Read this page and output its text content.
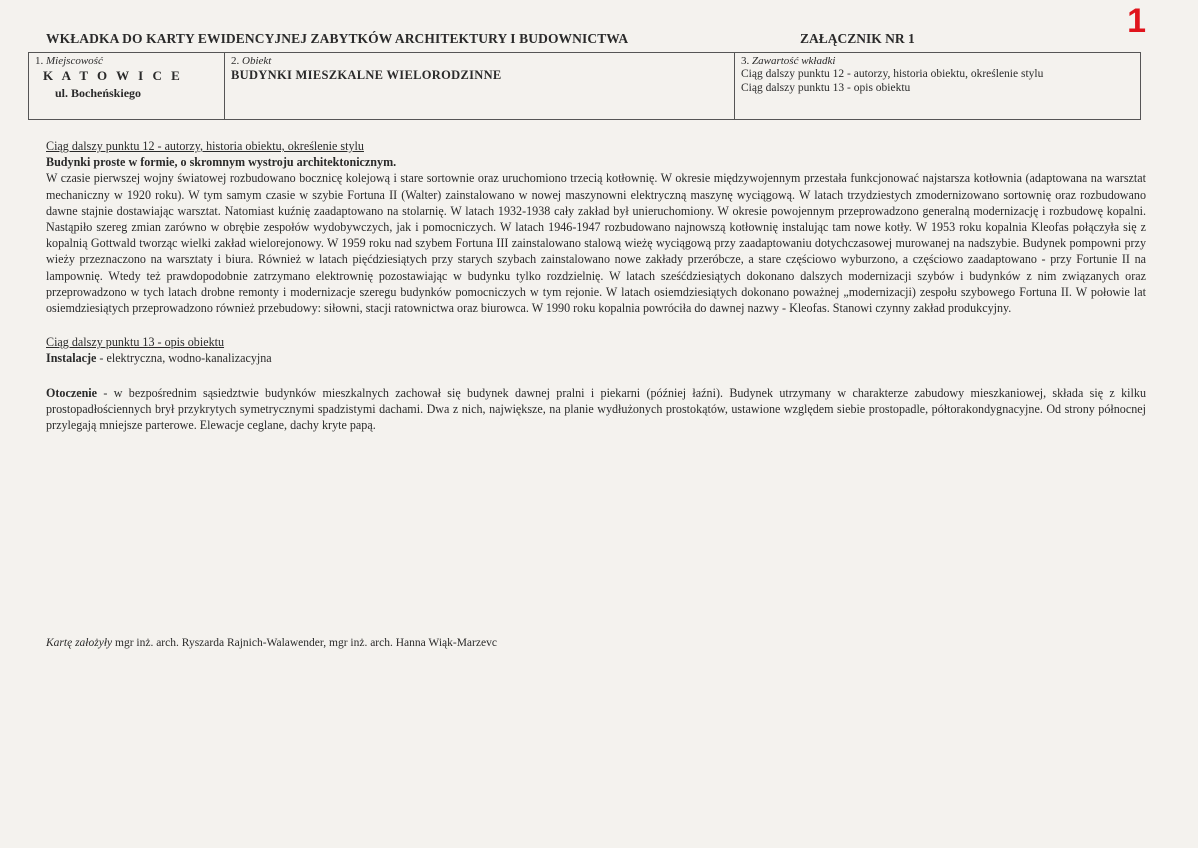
1
WKŁADKA DO KARTY EWIDENCYJNEJ ZABYTKÓW ARCHITEKTURY I BUDOWNICTWA	ZAŁĄCZNIK NR 1
1. Miejscowość
K A T O W I C E
ul. Bocheńskiego

2. Obiekt
BUDYNKI MIESZKALNE WIELORODZINNE

3. Zawartość wkładki
Ciąg dalszy punktu 12 - autorzy, historia obiektu, określenie stylu
Ciąg dalszy punktu 13 - opis obiektu

Ciąg dalszy punktu 12 - autorzy, historia obiektu, określenie stylu

Budynki proste w formie, o skromnym wystroju architektonicznym.

W czasie pierwszej wojny światowej rozbudowano bocznicę kolejową i stare sortownie oraz uruchomiono trzecią kotłownię. W okresie międzywojennym przestała funkcjonować najstarsza kotłownia (adaptowana na warsztat mechaniczny w 1920 roku). W tym samym czasie w szybie Fortuna II (Walter) zainstalowano w nowej maszynowni elektryczną maszynę wyciągową. W latach trzydziestych zmodernizowano sortownię oraz rozbudowano dawne stajnie dostawiając warsztat. Natomiast kuźnię zaadaptowano na stolarnię. W latach 1932-1938 cały zakład był unieruchomiony. W okresie powojennym przeprowadzono generalną modernizację i rozbudowę kopalni. Nastąpiło szereg zmian zarówno w obrębie zespołów wydobywczych, jak i pomocniczych. W latach 1946-1947 rozbudowano najnowszą kotłownię instalując tam nowe kotły. W 1953 roku kopalnia Kleofas połączyła się z kopalnią Gottwald tworząc wielki zakład wielorejonowy. W 1959 roku nad szybem Fortuna III zainstalowano stalową wieżę wyciągową przy zaadaptowaniu dotychczasowej murowanej na nadszybie. Budynek pompowni przy wieży przeznaczono na warsztaty i biura. Również w latach pięćdziesiątych przy starych szybach zainstalowano nowe zakłady przeróbcze, a stare częściowo wyburzono, a częściowo zaadaptowano - przy Fortunie II na lampownię. Wtedy też prawdopodobnie zatrzymano elektrownię pozostawiając w budynku tylko rozdzielnię. W latach sześćdziesiątych dokonano dalszych modernizacji szybów i budynków z nim związanych oraz przeprowadzono w tych latach drobne remonty i modernizacje szeregu budynków pomocniczych w tym rejonie. W latach osiemdziesiątych dokonano poważnej „modernizacji) zespołu szybowego Fortuna II. W połowie lat osiemdziesiątych przeprowadzono również przebudowy: siłowni, stacji ratownictwa oraz biurowca. W 1990 roku kopalnia powróciła do dawnej nazwy - Kleofas. Stanowi czynny zakład produkcyjny.

Ciąg dalszy punktu 13 - opis obiektu

Instalacje - elektryczna, wodno-kanalizacyjna

Otoczenie - w bezpośrednim sąsiedztwie budynków mieszkalnych zachował się budynek dawnej pralni i piekarni (później łaźni). Budynek utrzymany w charakterze zabudowy mieszkaniowej, składa się z kilku prostopadłościennych brył przykrytych symetrycznymi spadzistymi dachami. Dwa z nich, największe, na planie wydłużonych prostokątów, ustawione względem siebie prostopadle, półtorakondygnacyjne. Od strony północnej przylegają mniejsze parterowe. Elewacje ceglane, dachy kryte papą.

Kartę założyły mgr inż. arch. Ryszarda Rajnich-Walawender, mgr inż. arch. Hanna Wiąk-Marzevc
